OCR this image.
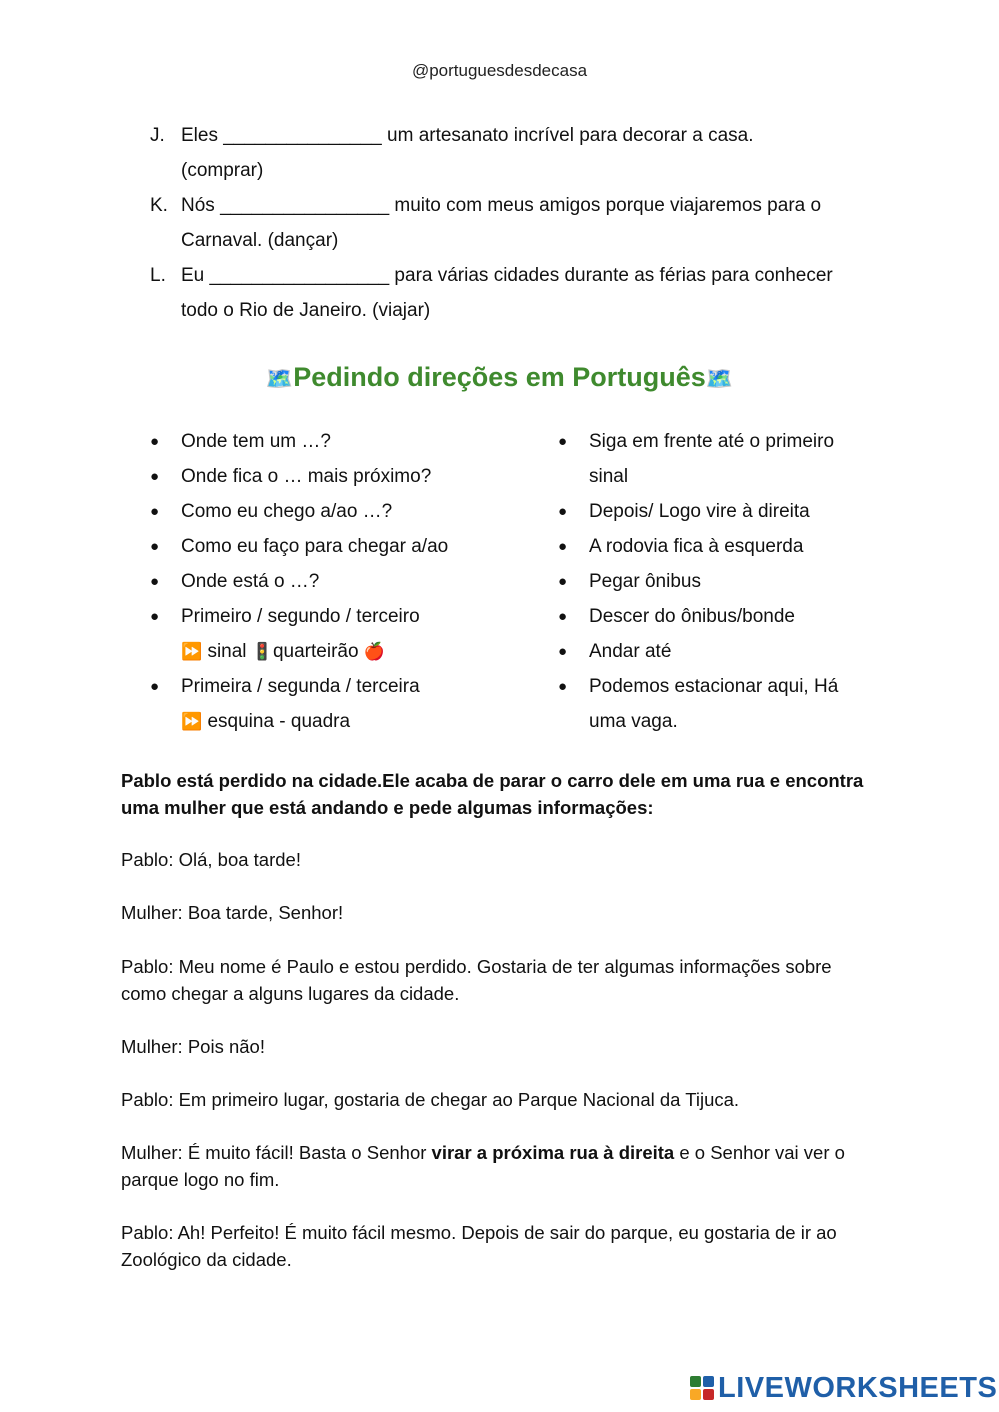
@portuguesdesdecasa
J. Eles _______________ um artesanato incrível para decorar a casa.
(comprar)
K. Nós ________________ muito com meus amigos porque viajaremos para o
Carnaval. (dançar)
L. Eu _________________ para várias cidades durante as férias para conhecer
todo o Rio de Janeiro. (viajar)
🗺️Pedindo direções em Português🗺️
●	Onde tem um …?
●	Onde fica o … mais próximo?
●	Como eu chego a/ao …?
●	Como eu faço para chegar a/ao
●	Onde está o …?
●	Primeiro / segundo / terceiro
⏩ sinal 🚦quarteirão 🍎
●	Primeira / segunda / terceira
⏩ esquina - quadra
●	Siga em frente até o primeiro
sinal
●	Depois/ Logo vire à direita
●	A rodovia fica à esquerda
●	Pegar ônibus
●	Descer do ônibus/bonde
●	Andar até
●	Podemos estacionar aqui, Há
uma vaga.
Pablo está perdido na cidade.Ele acaba de parar o carro dele em uma rua e encontra uma mulher que está andando e pede algumas informações:
Pablo: Olá, boa tarde!
Mulher: Boa tarde, Senhor!
Pablo: Meu nome é Paulo e estou perdido. Gostaria de ter algumas informações sobre como chegar a alguns lugares da cidade.
Mulher: Pois não!
Pablo: Em primeiro lugar, gostaria de chegar ao Parque Nacional da Tijuca.
Mulher: É muito fácil! Basta o Senhor virar a próxima rua à direita e o Senhor vai ver o parque logo no fim.
Pablo: Ah! Perfeito! É muito fácil mesmo. Depois de sair do parque, eu gostaria de ir ao Zoológico da cidade.
LIVEWORKSHEETS
